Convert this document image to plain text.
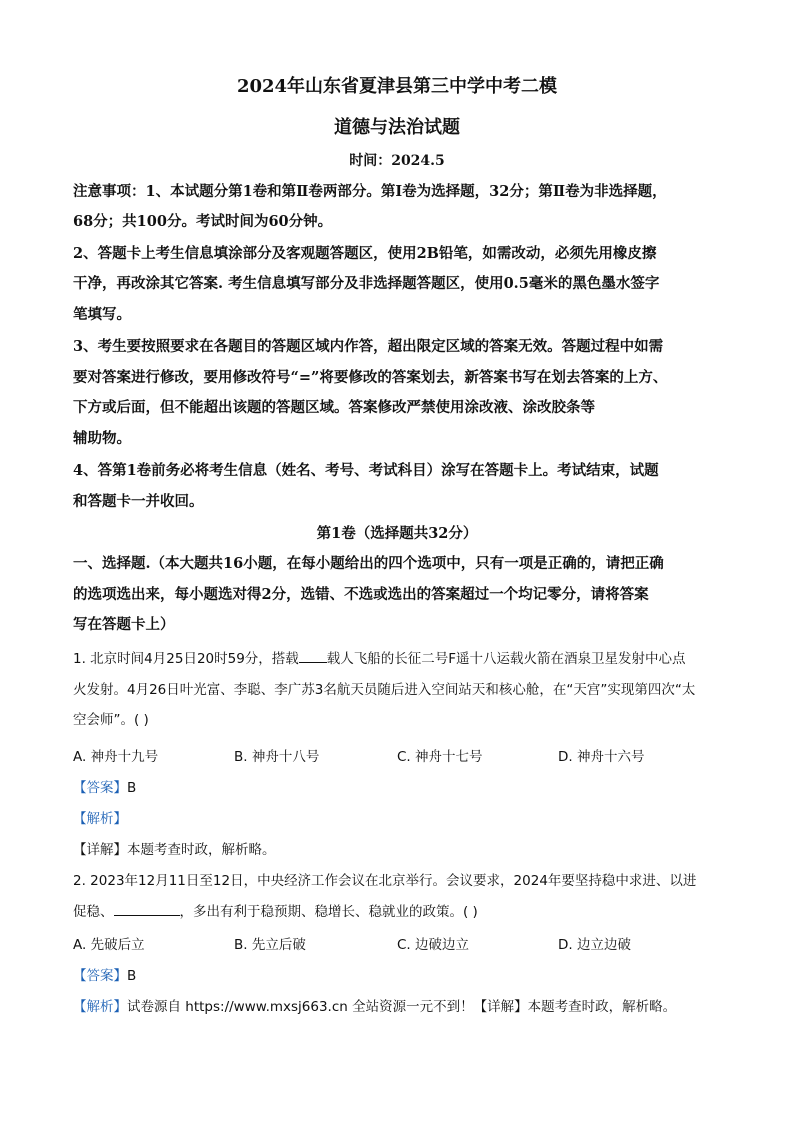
2024年山东省夏津县第三中学中考二模
道德与法治试题
时间：2024.5
注意事项：1、本试题分第1卷和第Ⅱ卷两部分。第Ⅰ卷为选择题，32分；第Ⅱ卷为非选择题，
68分；共100分。考试时间为60分钟。
2、答题卡上考生信息填涂部分及客观题答题区，使用2B铅笔，如需改动，必须先用橡皮擦
干净，再改涂其它答案. 考生信息填写部分及非选择题答题区，使用0.5毫米的黑色墨水签字
笔填写。
3、考生要按照要求在各题目的答题区域内作答，超出限定区域的答案无效。答题过程中如需
要对答案进行修改，要用修改符号“=”将要修改的答案划去，新答案书写在划去答案的上方、
下方或后面，但不能超出该题的答题区域。答案修改严禁使用涂改液、涂改胶条等
辅助物。
4、答第1卷前务必将考生信息（姓名、考号、考试科目）涂写在答题卡上。考试结束，试题
和答题卡一并收回。
第1卷（选择题共32分）
一、选择题.（本大题共16小题，在每小题给出的四个选项中，只有一项是正确的，请把正确
的选项选出来，每小题选对得2分，选错、不选或选出的答案超过一个均记零分，请将答案
写在答题卡上）
1. 北京时间4月25日20时59分，搭载 载人飞船的长征二号F遥十八运载火箭在酒泉卫星发射中心点
火发射。4月26日叶光富、李聪、李广苏3名航天员随后进入空间站天和核心舱，在“天宫”实现第四次“太
空会师”。( )
A. 神舟十九号	B. 神舟十八号	C. 神舟十七号	D. 神舟十六号
【答案】B
【解析】
【详解】本题考查时政，解析略。
2. 2023年12月11日至12日，中央经济工作会议在北京举行。会议要求，2024年要坚持稳中求进、以进
促稳、	，多出有利于稳预期、稳增长、稳就业的政策。( )
A. 先破后立	B. 先立后破	C. 边破边立	D. 边立边破
【答案】B
【解析】试卷源自 https://www.mxsj663.cn 全站资源一元不到！【详解】本题考查时政，解析略。
